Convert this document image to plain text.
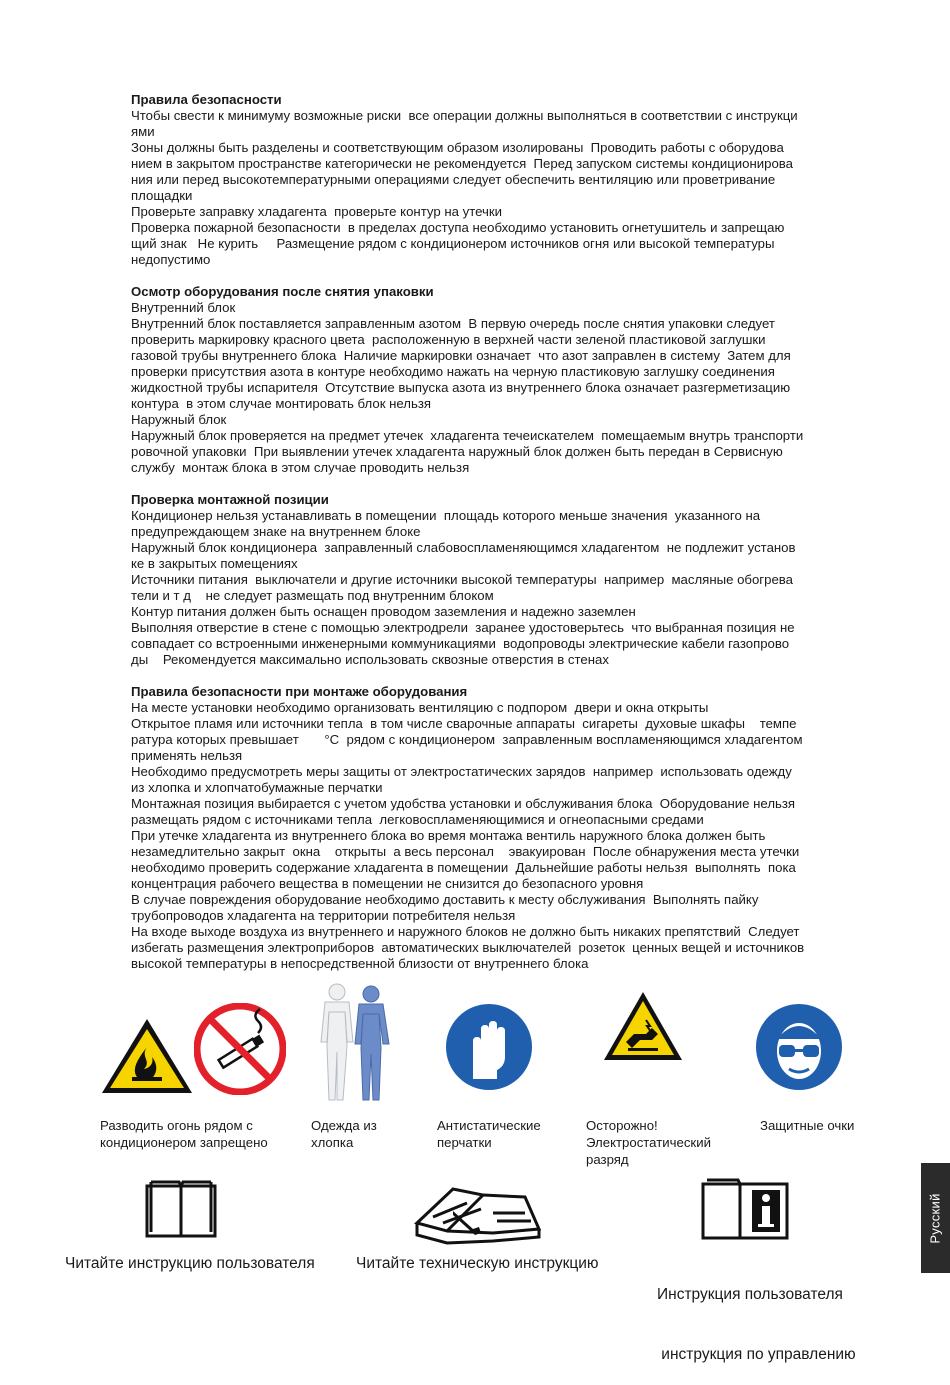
Правила безопасности

Чтобы свести к минимуму возможные риски  все операции должны выполняться в соответствии с инструкци

ями

Зоны должны быть разделены и соответствующим образом изолированы  Проводить работы с оборудова

нием в закрытом пространстве категорически не рекомендуется  Перед запуском системы кондиционирова

ния или перед высокотемпературными операциями следует обеспечить вентиляцию или проветривание

площадки

Проверьте заправку хладагента  проверьте контур на утечки

Проверка пожарной безопасности  в пределах доступа необходимо установить огнетушитель и запрещаю

щий знак   Не курить     Размещение рядом с кондиционером источников огня или высокой температуры

недопустимо

Осмотр оборудования после снятия упаковки

Внутренний блок

Внутренний блок поставляется заправленным азотом  В первую очередь после снятия упаковки следует

проверить маркировку красного цвета  расположенную в верхней части зеленой пластиковой заглушки

газовой трубы внутреннего блока  Наличие маркировки означает  что азот заправлен в систему  Затем для

проверки присутствия азота в контуре необходимо нажать на черную пластиковую заглушку соединения

жидкостной трубы испарителя  Отсутствие выпуска азота из внутреннего блока означает разгерметизацию

контура  в этом случае монтировать блок нельзя

Наружный блок

Наружный блок проверяется на предмет утечек  хладагента течеискателем  помещаемым внутрь транспорти

ровочной упаковки  При выявлении утечек хладагента наружный блок должен быть передан в Сервисную

службу  монтаж блока в этом случае проводить нельзя

Проверка монтажной позиции

Кондиционер нельзя устанавливать в помещении  площадь которого меньше значения  указанного на

предупреждающем знаке на внутреннем блоке

Наружный блок кондиционера  заправленный слабовоспламеняющимся хладагентом  не подлежит установ

ке в закрытых помещениях

Источники питания  выключатели и другие источники высокой температуры  например  масляные обогрева

тели и т д    не следует размещать под внутренним блоком

Контур питания должен быть оснащен проводом заземления и надежно заземлен

Выполняя отверстие в стене с помощью электродрели  заранее удостоверьтесь  что выбранная позиция не

совпадает со встроенными инженерными коммуникациями  водопроводы электрические кабели газопрово

ды    Рекомендуется максимально использовать сквозные отверстия в стенах

Правила безопасности при монтаже оборудования

На месте установки необходимо организовать вентиляцию с подпором  двери и окна открыты

Открытое пламя или источники тепла  в том числе сварочные аппараты  сигареты  духовые шкафы    темпе

ратура которых превышает       °С  рядом с кондиционером  заправленным воспламеняющимся хладагентом

применять нельзя

Необходимо предусмотреть меры защиты от электростатических зарядов  например  использовать одежду

из хлопка и хлопчатобумажные перчатки

Монтажная позиция выбирается с учетом удобства установки и обслуживания блока  Оборудование нельзя

размещать рядом с источниками тепла  легковоспламеняющимися и огнеопасными средами

При утечке хладагента из внутреннего блока во время монтажа вентиль наружного блока должен быть

незамедлительно закрыт  окна    открыты  а весь персонал    эвакуирован  После обнаружения места утечки

необходимо проверить содержание хладагента в помещении  Дальнейшие работы нельзя  выполнять  пока

концентрация рабочего вещества в помещении не снизится до безопасного уровня

В случае повреждения оборудование необходимо доставить к месту обслуживания  Выполнять пайку

трубопроводов хладагента на территории потребителя нельзя

На входе выходе воздуха из внутреннего и наружного блоков не должно быть никаких препятствий  Следует

избегать размещения электроприборов  автоматических выключателей  розеток  ценных вещей и источников

высокой температуры в непосредственной близости от внутреннего блока

Разводить огонь рядом с
кондиционером запрещено
Одежда из
хлопка
Антистатические
перчатки
Осторожно!
Электростатический
разряд
Защитные очки
Читайте инструкцию пользователя	Читайте техническую инструкцию

Инструкция пользователя

инструкция по управлению

Русский
